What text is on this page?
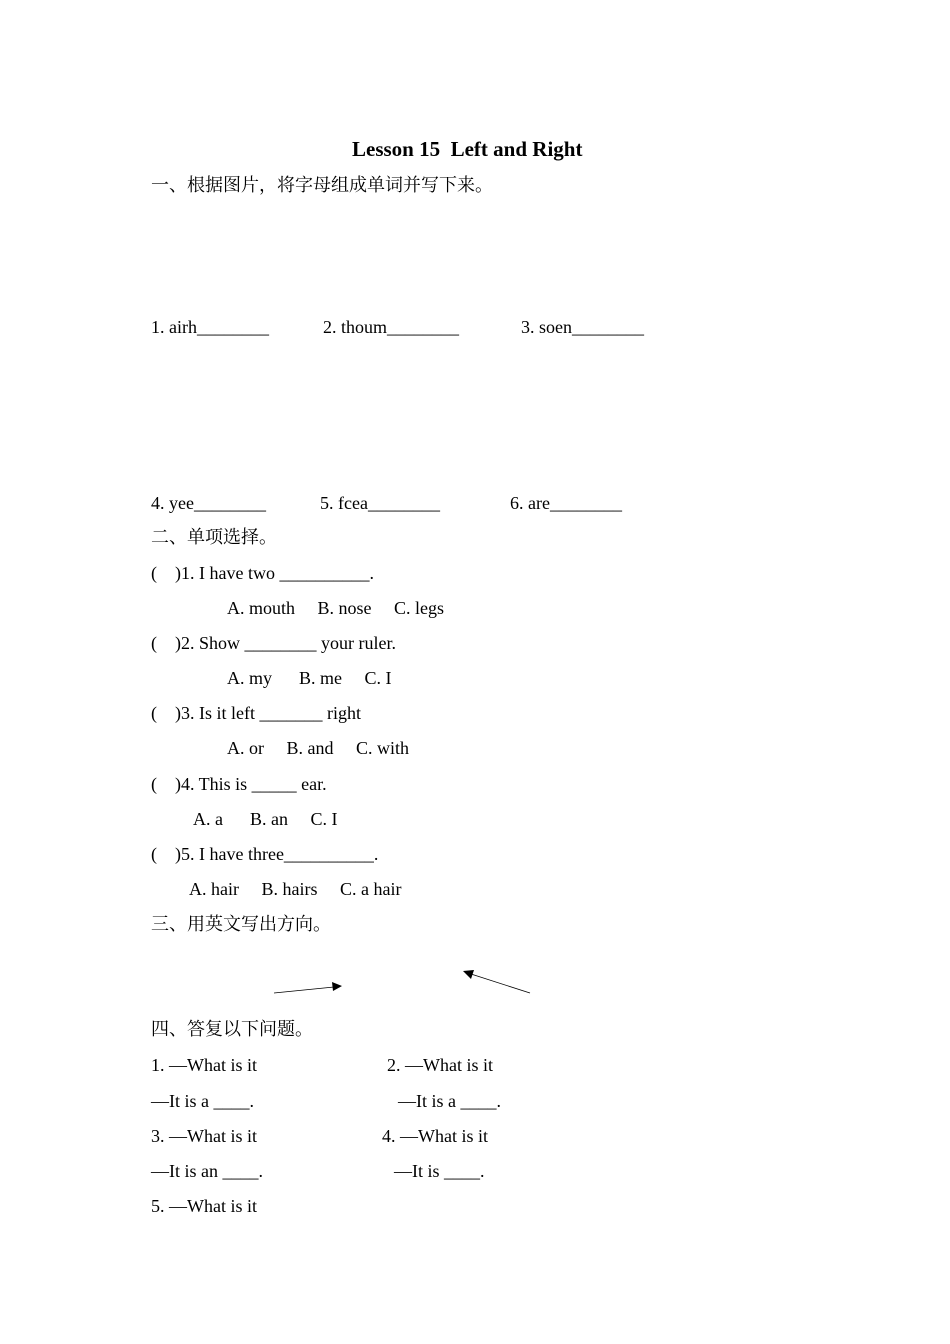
Lesson 15  Left and Right
一、根据图片，将字母组成单词并写下来。
1. airh________	2. thoum________	3. soen________
4. yee________	5. fcea________	6. are________
二、单项选择。
(    )1. I have two __________.
A. mouth     B. nose     C. legs
(    )2. Show ________ your ruler.
A. my      B. me     C. I
(    )3. Is it left _______ right
A. or     B. and     C. with
(    )4. This is _____ ear.
A. a      B. an     C. I
(    )5. I have three__________.
A. hair     B. hairs     C. a hair
三、用英文写出方向。
四、答复以下问题。
1. —What is it	2. —What is it
—It is a ____.	—It is a ____.
3. —What is it	4. —What is it
—It is an ____.	—It is ____.
5. —What is it
